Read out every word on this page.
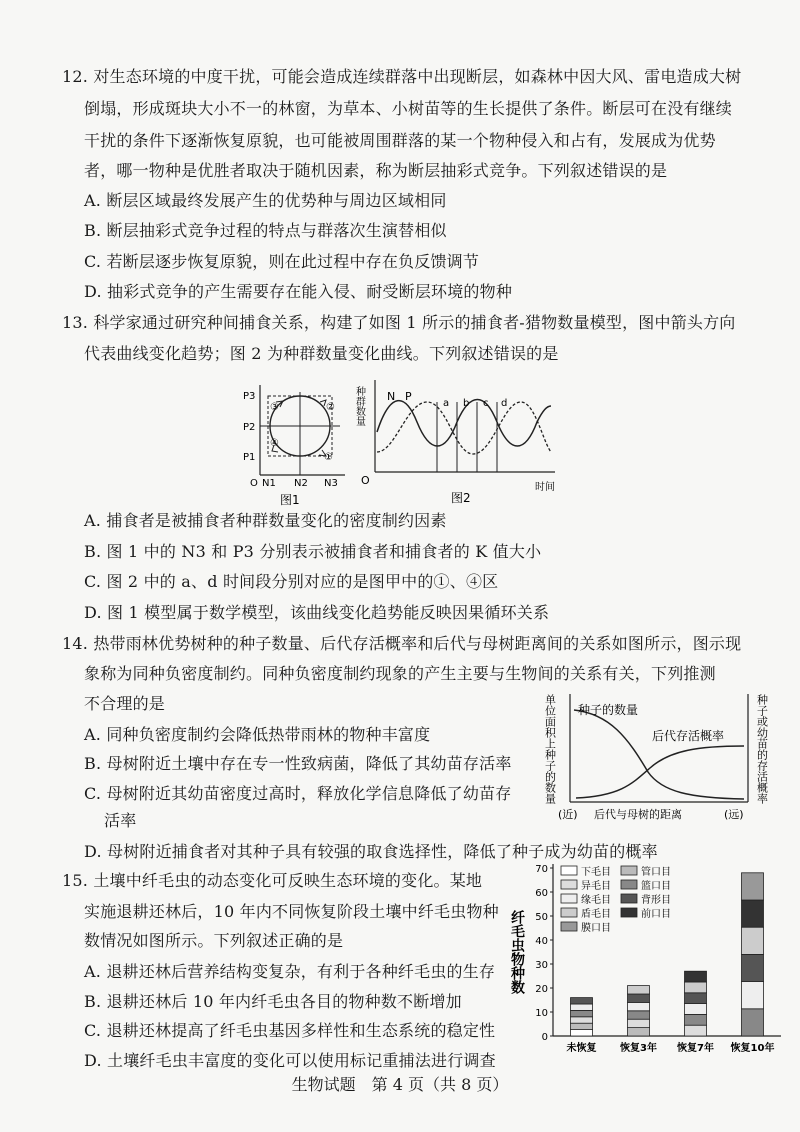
12. 对生态环境的中度干扰，可能会造成连续群落中出现断层，如森林中因大风、雷电造成大树
倒塌，形成斑块大小不一的林窗，为草本、小树苗等的生长提供了条件。断层可在没有继续
干扰的条件下逐渐恢复原貌，也可能被周围群落的某一个物种侵入和占有，发展成为优势
者，哪一物种是优胜者取决于随机因素，称为断层抽彩式竞争。下列叙述错误的是
A. 断层区域最终发展产生的优势种与周边区域相同
B. 断层抽彩式竞争过程的特点与群落次生演替相似
C. 若断层逐步恢复原貌，则在此过程中存在负反馈调节
D. 抽彩式竞争的产生需要存在能入侵、耐受断层环境的物种
13. 科学家通过研究种间捕食关系，构建了如图 1 所示的捕食者-猎物数量模型，图中箭头方向
代表曲线变化趋势；图 2 为种群数量变化曲线。下列叙述错误的是
P3
P2
P1
O N1 N2 N3
③	②
④
①
图1
N P
a b c d
O
时间
图2
种群数量
A. 捕食者是被捕食者种群数量变化的密度制约因素
B. 图 1 中的 N3 和 P3 分别表示被捕食者和捕食者的 K 值大小
C. 图 2 中的 a、d 时间段分别对应的是图甲中的①、④区
D. 图 1 模型属于数学模型，该曲线变化趋势能反映因果循环关系
14. 热带雨林优势树种的种子数量、后代存活概率和后代与母树距离间的关系如图所示，图示现
象称为同种负密度制约。同种负密度制约现象的产生主要与生物间的关系有关，下列推测
不合理的是
A. 同种负密度制约会降低热带雨林的物种丰富度
B. 母树附近土壤中存在专一性致病菌，降低了其幼苗存活率
C. 母树附近其幼苗密度过高时，释放化学信息降低了幼苗存
活率
D. 母树附近捕食者对其种子具有较强的取食选择性，降低了种子成为幼苗的概率
种子的数量
后代存活概率
(近) 后代与母树的距离	(远)
单位面积上种子的数量	种子或幼苗的存活概率
15. 土壤中纤毛虫的动态变化可反映生态环境的变化。某地
实施退耕还林后，10 年内不同恢复阶段土壤中纤毛虫物种
数情况如图所示。下列叙述正确的是
A. 退耕还林后营养结构变复杂，有利于各种纤毛虫的生存
B. 退耕还林后 10 年内纤毛虫各目的物种数不断增加
C. 退耕还林提高了纤毛虫基因多样性和生态系统的稳定性
D. 土壤纤毛虫丰富度的变化可以使用标记重捕法进行调查
纤毛虫物种数
0
10
20
30
40
50
60
70
未恢复 恢复3年 恢复7年 恢复10年
下毛目	管口目
异毛目	篮口目
缘毛目	背形目
盾毛目	前口目
膜口目
生物试题　第 4 页（共 8 页）
